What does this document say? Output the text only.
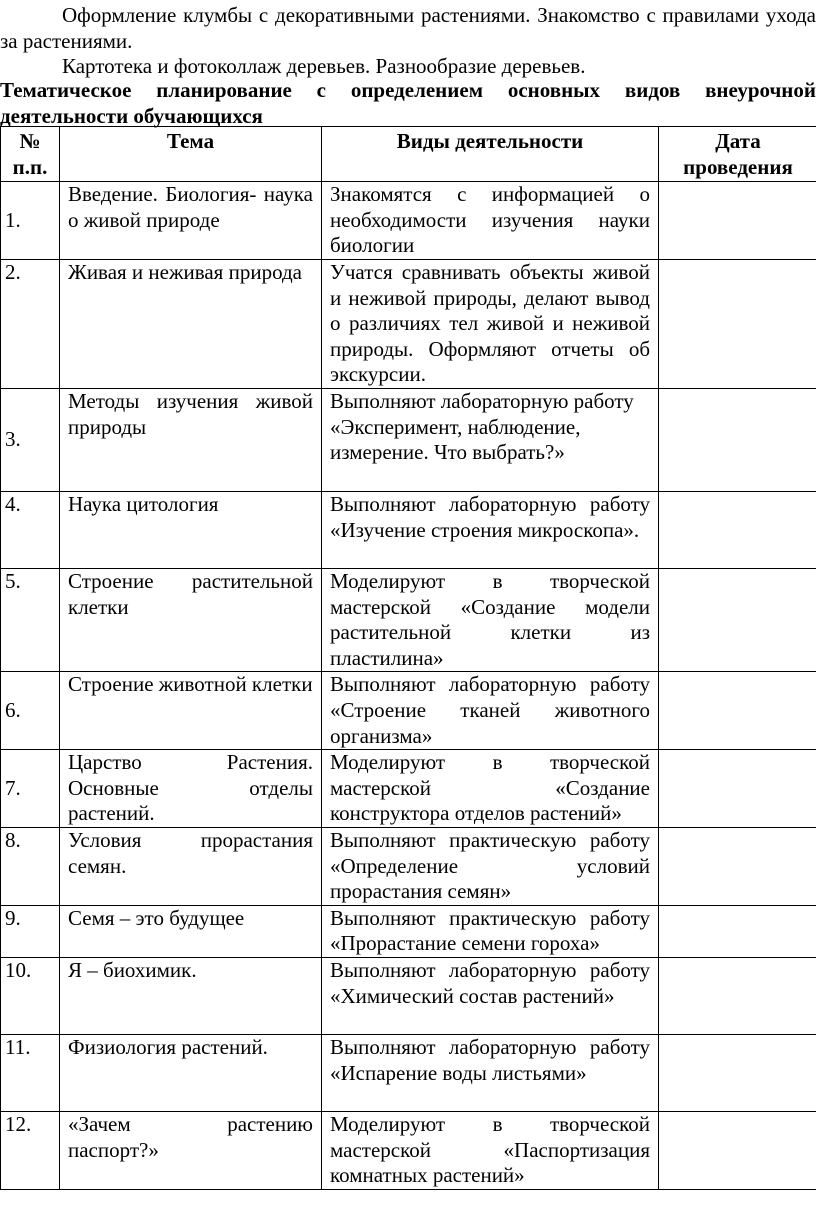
Оформление клумбы с декоративными растениями. Знакомство с правилами ухода за растениями.

Картотека и фотоколлаж деревьев. Разнообразие деревьев.

Тематическое планирование с определением основных видов внеурочной деятельности обучающихся
№ п.п.	Тема	Виды деятельности	Дата проведения
1.	Введение. Биология- наука о живой природе	Знакомятся с информацией о необходимости изучения науки биологии	
2.	Живая и неживая природа	Учатся сравнивать объекты живой и неживой природы, делают вывод о различиях тел живой и неживой природы. Оформляют отчеты об экскурсии.	
3.	Методы изучения живой природы	Выполняют лабораторную работу «Эксперимент, наблюдение, измерение. Что выбрать?»	
4.	Наука цитология	Выполняют лабораторную работу «Изучение строения микроскопа».	
5.	Строение растительной клетки	Моделируют в творческой мастерской «Создание модели растительной клетки из пластилина»	
6.	Строение животной клетки	Выполняют лабораторную работу «Строение тканей животного организма»	
7.	Царство Растения. Основные отделы растений.	Моделируют в творческой мастерской «Создание конструктора отделов растений»	
8.	Условия прорастания семян.	Выполняют практическую работу «Определение условий прорастания семян»	
9.	Семя – это будущее	Выполняют практическую работу «Прорастание семени гороха»	
10.	Я – биохимик.	Выполняют лабораторную работу «Химический состав растений»	
11.	Физиология растений.	Выполняют лабораторную работу «Испарение воды листьями»	
12.	«Зачем растению паспорт?»	Моделируют в творческой мастерской «Паспортизация комнатных растений»	
